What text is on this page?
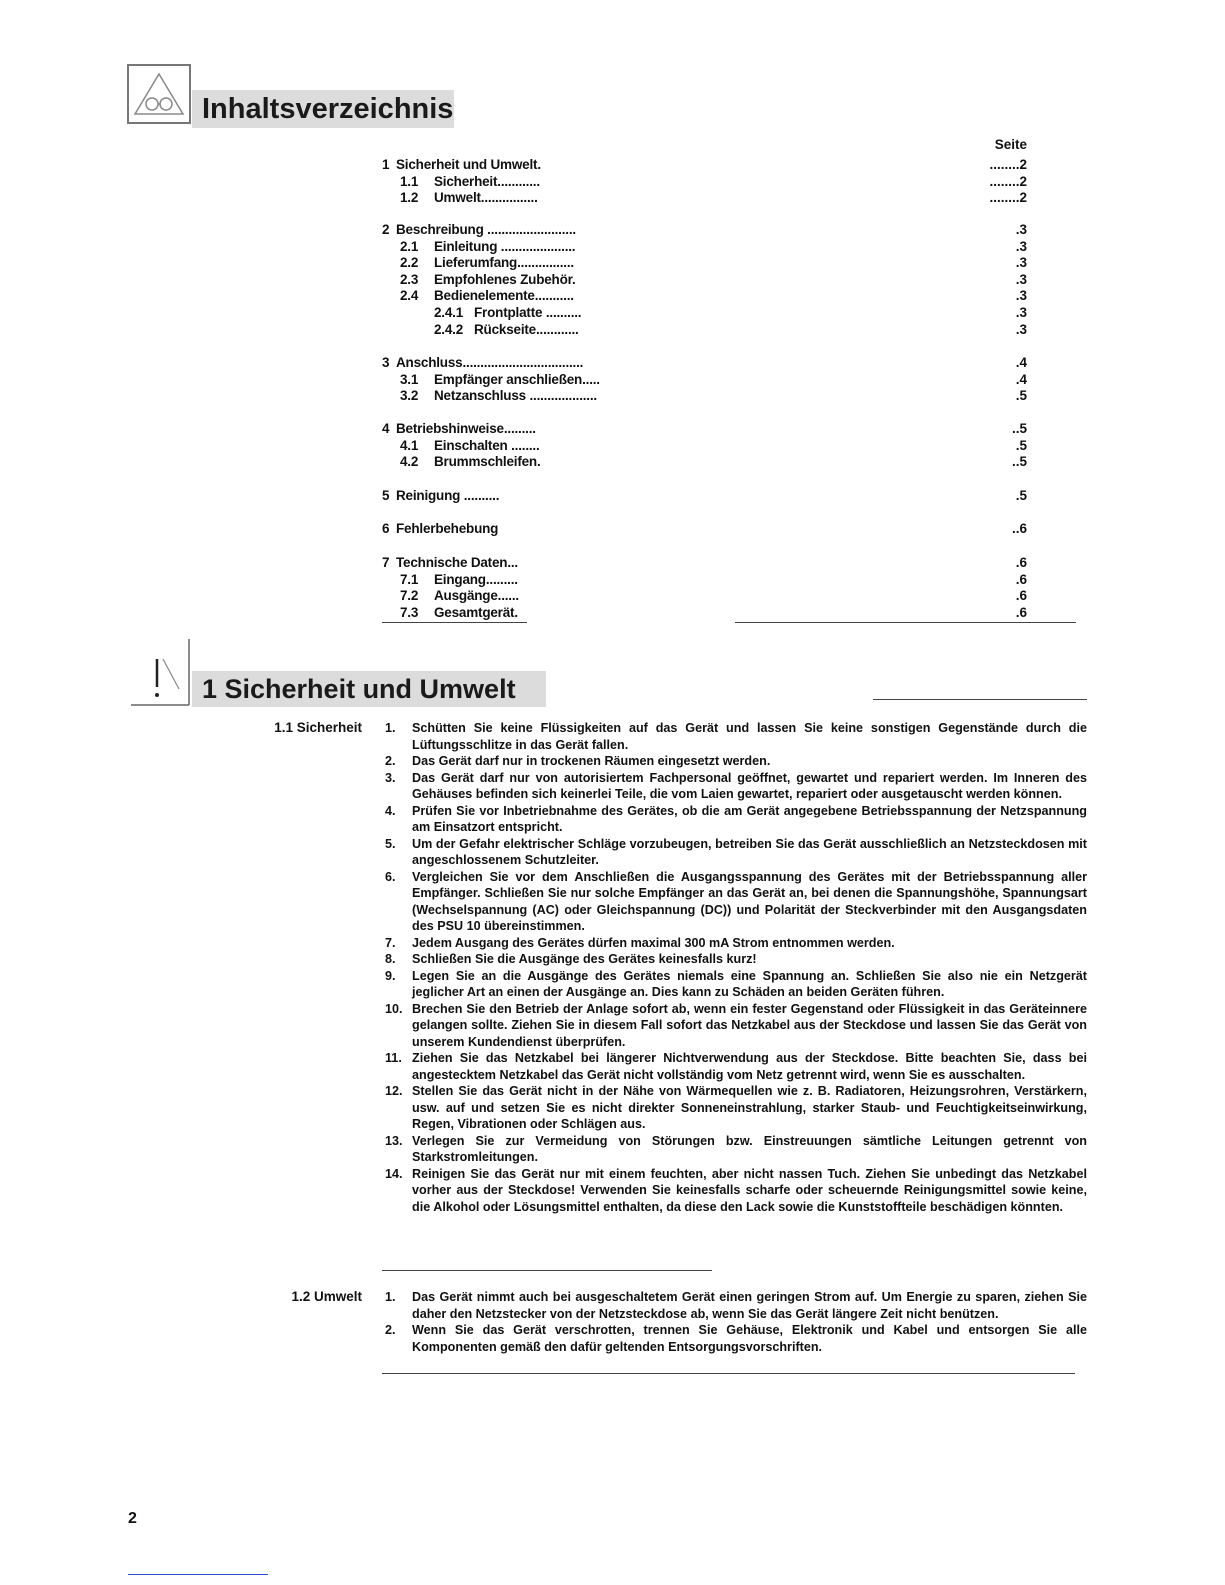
Inhaltsverzeichnis
Seite
1 Sicherheit und Umwelt.	........2
1.1 Sicherheit............	........2
1.2 Umwelt................	........2
2 Beschreibung .........................	.3
2.1 Einleitung .....................	.3
2.2 Lieferumfang................	.3
2.3 Empfohlenes Zubehör.	.3
2.4 Bedienelemente...........	.3
2.4.1 Frontplatte ..........	.3
2.4.2 Rückseite............	.3
3 Anschluss..................................	.4
3.1 Empfänger anschließen.....	.4
3.2 Netzanschluss ...................	.5
4 Betriebshinweise.........	..5
4.1 Einschalten ........	.5
4.2 Brummschleifen.	..5
5 Reinigung ..........	.5
6 Fehlerbehebung	..6
7 Technische Daten...	.6
7.1 Eingang.........	.6
7.2 Ausgänge......	.6
7.3 Gesamtgerät.	.6
1 Sicherheit und Umwelt
1.1 Sicherheit 1. Schütten Sie keine Flüssigkeiten auf das Gerät und lassen Sie keine sonstigen Gegenstände durch die Lüftungsschlitze in das Gerät fallen.
2. Das Gerät darf nur in trockenen Räumen eingesetzt werden.
3. Das Gerät darf nur von autorisiertem Fachpersonal geöffnet, gewartet und repariert werden. Im Inneren des Gehäuses befinden sich keinerlei Teile, die vom Laien gewartet, repariert oder ausgetauscht werden können.
4. Prüfen Sie vor Inbetriebnahme des Gerätes, ob die am Gerät angegebene Betriebsspannung der Netzspannung am Einsatzort entspricht.
5. Um der Gefahr elektrischer Schläge vorzubeugen, betreiben Sie das Gerät ausschließlich an Netzsteckdosen mit angeschlossenem Schutzleiter.
6. Vergleichen Sie vor dem Anschließen die Ausgangsspannung des Gerätes mit der Betriebsspannung aller Empfänger. Schließen Sie nur solche Empfänger an das Gerät an, bei denen die Spannungshöhe, Spannungsart (Wechselspannung (AC) oder Gleichspannung (DC)) und Polarität der Steckverbinder mit den Ausgangsdaten des PSU 10 übereinstimmen.
7. Jedem Ausgang des Gerätes dürfen maximal 300 mA Strom entnommen werden.
8. Schließen Sie die Ausgänge des Gerätes keinesfalls kurz!
9. Legen Sie an die Ausgänge des Gerätes niemals eine Spannung an. Schließen Sie also nie ein Netzgerät jeglicher Art an einen der Ausgänge an. Dies kann zu Schäden an beiden Geräten führen.
10. Brechen Sie den Betrieb der Anlage sofort ab, wenn ein fester Gegenstand oder Flüssigkeit in das Geräteinnere gelangen sollte. Ziehen Sie in diesem Fall sofort das Netzkabel aus der Steckdose und lassen Sie das Gerät von unserem Kundendienst überprüfen.
11. Ziehen Sie das Netzkabel bei längerer Nichtverwendung aus der Steckdose. Bitte beachten Sie, dass bei angestecktem Netzkabel das Gerät nicht vollständig vom Netz getrennt wird, wenn Sie es ausschalten.
12. Stellen Sie das Gerät nicht in der Nähe von Wärmequellen wie z. B. Radiatoren, Heizungsrohren, Verstärkern, usw. auf und setzen Sie es nicht direkter Sonneneinstrahlung, starker Staub- und Feuchtigkeitseinwirkung, Regen, Vibrationen oder Schlägen aus.
13. Verlegen Sie zur Vermeidung von Störungen bzw. Einstreuungen sämtliche Leitungen getrennt von Starkstromleitungen.
14. Reinigen Sie das Gerät nur mit einem feuchten, aber nicht nassen Tuch. Ziehen Sie unbedingt das Netzkabel vorher aus der Steckdose! Verwenden Sie keinesfalls scharfe oder scheuernde Reinigungsmittel sowie keine, die Alkohol oder Lösungsmittel enthalten, da diese den Lack sowie die Kunststoffteile beschädigen könnten.
1.2 Umwelt 1. Das Gerät nimmt auch bei ausgeschaltetem Gerät einen geringen Strom auf. Um Energie zu sparen, ziehen Sie daher den Netzstecker von der Netzsteckdose ab, wenn Sie das Gerät längere Zeit nicht benützen.
2. Wenn Sie das Gerät verschrotten, trennen Sie Gehäuse, Elektronik und Kabel und entsorgen Sie alle Komponenten gemäß den dafür geltenden Entsorgungsvorschriften.
2
